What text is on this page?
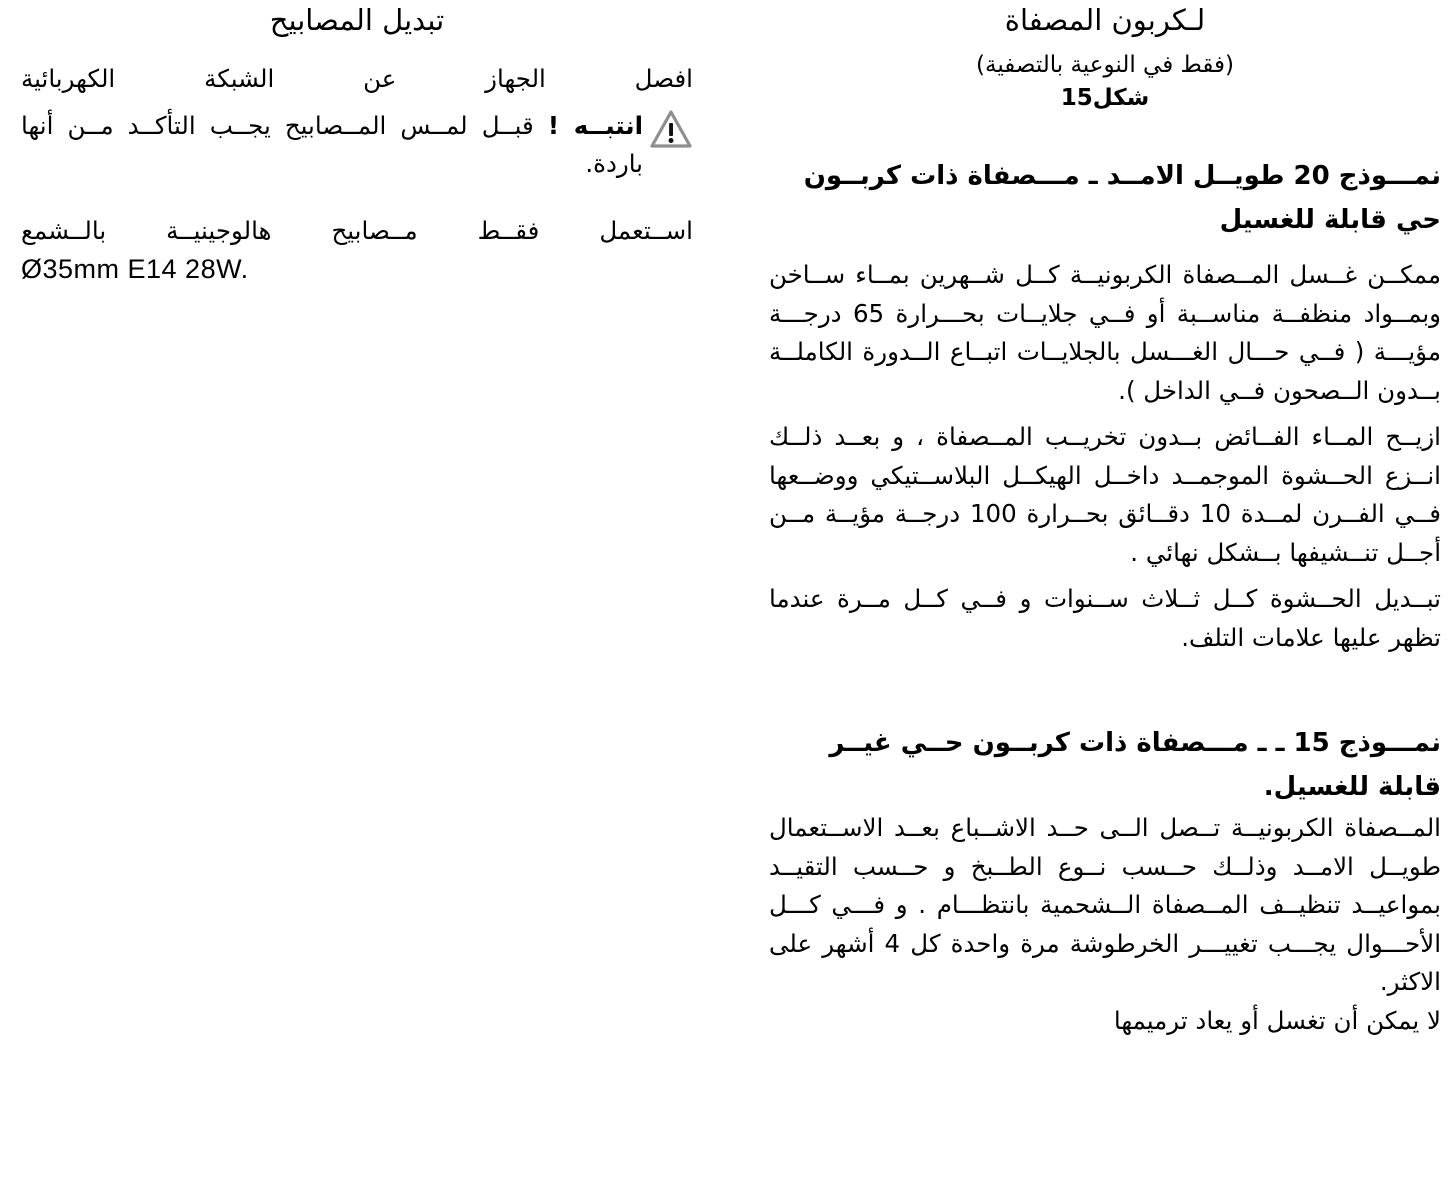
ﻟـﻜﺮﺑﻮن اﻟﻤﺼﻔﺎة
(ﻓﻘﻂ ﻓﻲ اﻟﻨﻮﻋﻴﺔ ﺑﺎﻟﺘﺼﻔﻴﺔ)
ﺷﻜﻞ15
ﻧﻤـــﻮذج 20 ﻃﻮﻳــﻞ اﻻﻣــﺪ ـ ﻣـــﺼﻔﺎة ذات ﻛﺮﺑــﻮن
ﺣﻲ ﻗﺎﺑﻠﺔ ﻟﻠﻐﺴﻴﻞ
ﻣﻤﻜــﻦ ﻏــﺴﻞ اﻟﻤــﺼﻔﺎة اﻟﻜﺮﺑﻮﻧﻴــﺔ ﻛــﻞ ﺷــﻬﺮﻳﻦ ﺑﻤــﺎء ﺳــﺎﺧﻦ وﺑﻤــﻮاد ﻣﻨﻈﻔــﺔ ﻣﻨﺎﺳــﺒﺔ أو ﻓــﻲ ﺟﻼﻳــﺎت ﺑﺤـــﺮارة 65 درﺟـــﺔ ﻣﺆﻳـــﺔ ( ﻓــﻲ ﺣـــﺎل اﻟﻐـــﺴﻞ ﺑﺎﻟﺠﻼﻳــﺎت اﺗﺒــﺎع اﻟــﺪورة اﻟﻜﺎﻣﻠــﺔ ﺑــﺪون اﻟــﺼﺤﻮن ﻓــﻲ اﻟﺪاﺧﻞ ).
ازﻳــﺢ اﻟﻤــﺎء اﻟﻔــﺎﺋﺾ ﺑــﺪون ﺗﺨﺮﻳــﺐ اﻟﻤــﺼﻔﺎة ، و ﺑﻌــﺪ ذﻟــﻚ اﻧــﺰع اﻟﺤــﺸﻮة اﻟﻤﻮﺟﻤــﺪ داﺧــﻞ اﻟﻬﻴﻜــﻞ اﻟﺒﻼﺳــﺘﻴﻜﻲ ووﺿــﻌﻬﺎ ﻓــﻲ اﻟﻔــﺮن ﻟﻤــﺪة 10 دﻗــﺎﺋﻖ ﺑﺤــﺮارة 100 درﺟــﺔ ﻣﺆﻳــﺔ ﻣــﻦ أﺟــﻞ ﺗﻨــﺸﻴﻔﻬﺎ ﺑــﺸﻜﻞ ﻧﻬﺎﺋﻲ .
ﺗﺒــﺪﻳﻞ اﻟﺤــﺸﻮة ﻛــﻞ ﺛــﻼث ﺳــﻨﻮات و ﻓــﻲ ﻛــﻞ ﻣــﺮة ﻋﻨﺪﻣﺎ ﺗﻈﻬﺮ ﻋﻠﻴﻬﺎ ﻋﻼﻣﺎت اﻟﺘﻠﻒ.
ﻧﻤـــﻮذج 15 ـ ـ ﻣـــﺼﻔﺎة ذات ﻛﺮﺑــﻮن ﺣــﻲ ﻏﻴــﺮ
ﻗﺎﺑﻠﺔ ﻟﻠﻐﺴﻴﻞ.
اﻟﻤــﺼﻔﺎة اﻟﻜﺮﺑﻮﻧﻴــﺔ ﺗــﺼﻞ اﻟــﻰ ﺣــﺪ اﻻﺷــﺒﺎع ﺑﻌــﺪ اﻻﺳــﺘﻌﻤﺎل ﻃﻮﻳــﻞ اﻻﻣــﺪ وذﻟــﻚ ﺣــﺴﺐ ﻧــﻮع اﻟﻄــﺒﺦ و ﺣــﺴﺐ اﻟﺘﻘﻴــﺪ ﺑﻤﻮاﻋﻴــﺪ ﺗﻨﻈﻴــﻒ اﻟﻤــﺼﻔﺎة اﻟــﺸﺤﻤﻴﺔ ﺑﺎﻧﺘﻈـــﺎم . و ﻓـــﻲ ﻛـــﻞ اﻷﺣـــﻮال ﻳﺠـــﺐ ﺗﻐﻴﻴـــﺮ اﻟﺨﺮﻃﻮﺷﺔ ﻣﺮة واﺣﺪة ﻛﻞ 4 أﺷﻬﺮ ﻋﻠﻰ اﻻﻛﺜﺮ.
ﻻ ﻳﻤﻜﻦ أن ﺗﻐﺴﻞ أو ﻳﻌﺎد ﺗﺮﻣﻴﻤﻬﺎ
ﺗﺒﺪﻳﻞ اﻟﻤﺼﺎﺑﻴﺢ
اﻓﺼﻞ اﻟﺠﻬﺎز ﻋﻦ اﻟﺸﺒﻜﺔ اﻟﻜﻬﺮﺑﺎﺋﻴﺔ
اﻧﺘﺒــﻪ ! ﻗﺒــﻞ ﻟﻤــﺲ اﻟﻤــﺼﺎﺑﻴﺢ ﻳﺠــﺐ اﻟﺘﺄﻛــﺪ ﻣــﻦ أﻧﻬﺎ ﺑﺎردة.
اﺳــﺘﻌﻤﻞ ﻓﻘــﻂ ﻣــﺼﺎﺑﻴﺢ ﻫﺎﻟﻮﺟﻴﻨﻴــﺔ ﺑﺎﻟــﺸﻤﻊ
Ø35mm E14 28W.
